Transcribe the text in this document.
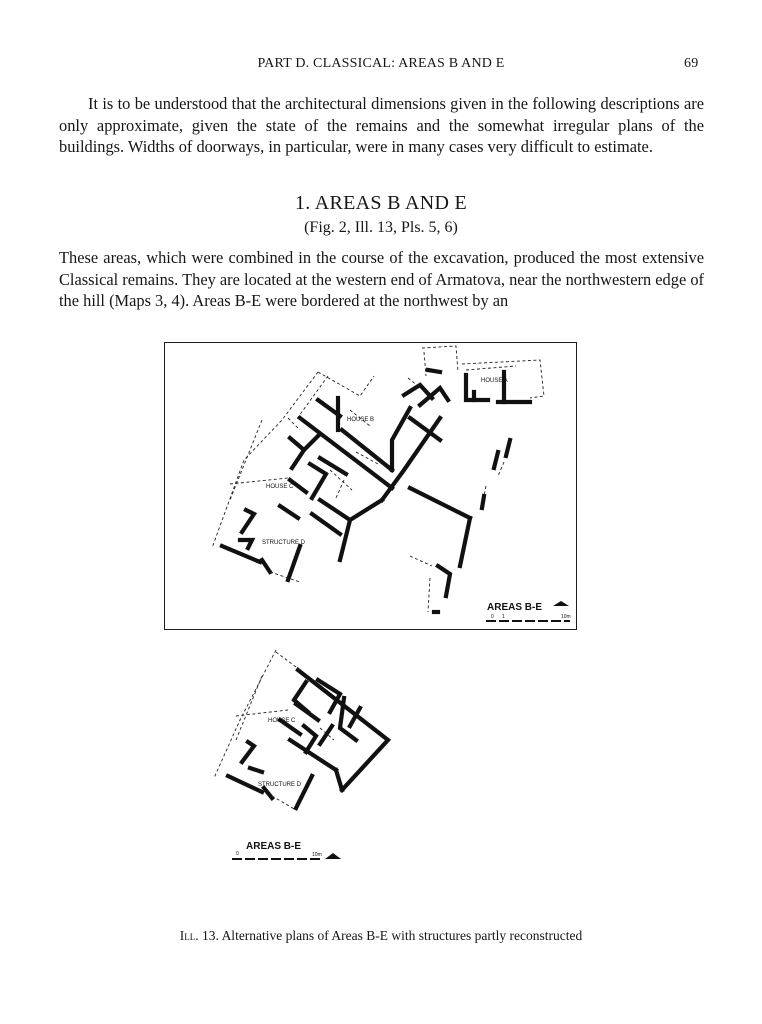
PART D. CLASSICAL: AREAS B AND E	69

It is to be understood that the architectural dimensions given in the following descriptions are only approximate, given the state of the remains and the somewhat irregular plans of the buildings. Widths of doorways, in particular, were in many cases very difficult to estimate.

1. AREAS B AND E
(Fig. 2, Ill. 13, Pls. 5, 6)

These areas, which were combined in the course of the excavation, produced the most extensive Classical remains. They are located at the western end of Armatova, near the northwestern edge of the hill (Maps 3, 4). Areas B-E were bordered at the northwest by an

HOUSE B
HOUSE C
STRUCTURE D
HOUSE A
AREAS B-E
0 1	10m
HOUSE C
STRUCTURE D
AREAS B-E
0	10m
Ill. 13. Alternative plans of Areas B-E with structures partly reconstructed
